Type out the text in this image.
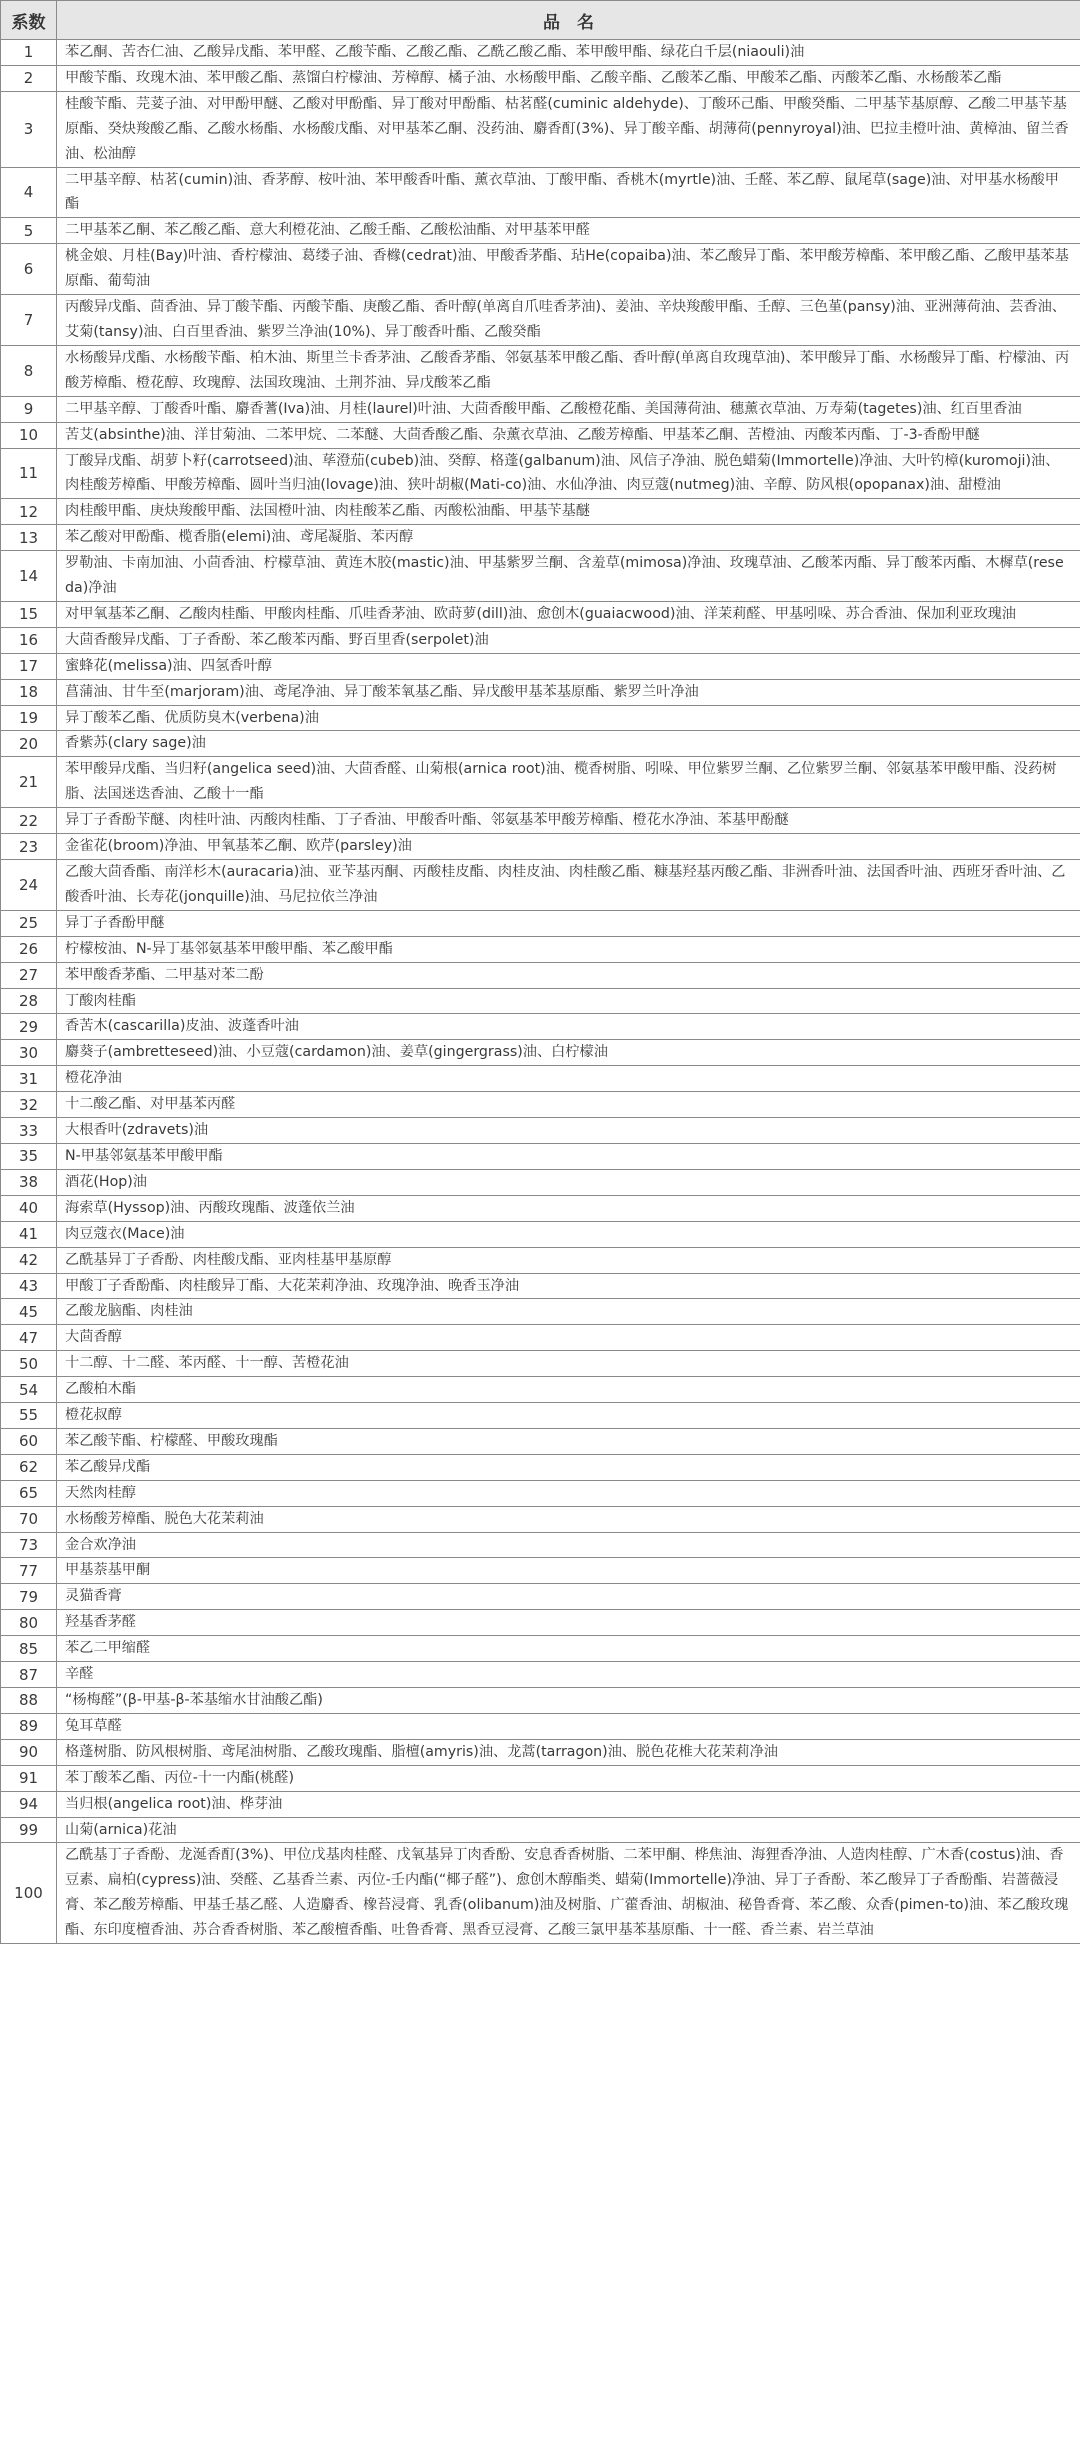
系数	品　名
1	苯乙酮、苦杏仁油、乙酸异戊酯、苯甲醛、乙酸苄酯、乙酸乙酯、乙酰乙酸乙酯、苯甲酸甲酯、绿花白千层(niaouli)油
2	甲酸苄酯、玫瑰木油、苯甲酸乙酯、蒸馏白柠檬油、芳樟醇、橘子油、水杨酸甲酯、乙酸辛酯、乙酸苯乙酯、甲酸苯乙酯、丙酸苯乙酯、水杨酸苯乙酯
3	桂酸苄酯、芫荽子油、对甲酚甲醚、乙酸对甲酚酯、异丁酸对甲酚酯、枯茗醛(cuminic aldehyde)、丁酸环己酯、甲酸癸酯、二甲基苄基原醇、乙酸二甲基苄基原酯、癸炔羧酸乙酯、乙酸水杨酯、水杨酸戊酯、对甲基苯乙酮、没药油、麝香酊(3%)、异丁酸辛酯、胡薄荷(pennyroyal)油、巴拉圭橙叶油、黄樟油、留兰香油、松油醇
4	二甲基辛醇、枯茗(cumin)油、香茅醇、桉叶油、苯甲酸香叶酯、薰衣草油、丁酸甲酯、香桃木(myrtle)油、壬醛、苯乙醇、鼠尾草(sage)油、对甲基水杨酸甲酯
5	二甲基苯乙酮、苯乙酸乙酯、意大利橙花油、乙酸壬酯、乙酸松油酯、对甲基苯甲醛
6	桃金娘、月桂(Bay)叶油、香柠檬油、葛缕子油、香橼(cedrat)油、甲酸香茅酯、玷He(copaiba)油、苯乙酸异丁酯、苯甲酸芳樟酯、苯甲酸乙酯、乙酸甲基苯基原酯、葡萄油
7	丙酸异戊酯、茴香油、异丁酸苄酯、丙酸苄酯、庚酸乙酯、香叶醇(单离自爪哇香茅油)、姜油、辛炔羧酸甲酯、壬醇、三色堇(pansy)油、亚洲薄荷油、芸香油、艾菊(tansy)油、白百里香油、紫罗兰净油(10%)、异丁酸香叶酯、乙酸癸酯
8	水杨酸异戊酯、水杨酸苄酯、柏木油、斯里兰卡香茅油、乙酸香茅酯、邻氨基苯甲酸乙酯、香叶醇(单离自玫瑰草油)、苯甲酸异丁酯、水杨酸异丁酯、柠檬油、丙酸芳樟酯、橙花醇、玫瑰醇、法国玫瑰油、土荆芥油、异戊酸苯乙酯
9	二甲基辛醇、丁酸香叶酯、麝香蓍(Iva)油、月桂(laurel)叶油、大茴香酸甲酯、乙酸橙花酯、美国薄荷油、穗薰衣草油、万寿菊(tagetes)油、红百里香油
10	苦艾(absinthe)油、洋甘菊油、二苯甲烷、二苯醚、大茴香酸乙酯、杂薰衣草油、乙酸芳樟酯、甲基苯乙酮、苦橙油、丙酸苯丙酯、丁-3-香酚甲醚
11	丁酸异戊酯、胡萝卜籽(carrotseed)油、荜澄茄(cubeb)油、癸醇、格蓬(galbanum)油、风信子净油、脱色蜡菊(Immortelle)净油、大叶钓樟(kuromoji)油、肉桂酸芳樟酯、甲酸芳樟酯、圆叶当归油(lovage)油、狭叶胡椒(Mati-co)油、水仙净油、肉豆蔻(nutmeg)油、辛醇、防风根(opopanax)油、甜橙油
12	肉桂酸甲酯、庚炔羧酸甲酯、法国橙叶油、肉桂酸苯乙酯、丙酸松油酯、甲基苄基醚
13	苯乙酸对甲酚酯、榄香脂(elemi)油、鸢尾凝脂、苯丙醇
14	罗勒油、卡南加油、小茴香油、柠檬草油、黄连木胶(mastic)油、甲基紫罗兰酮、含羞草(mimosa)净油、玫瑰草油、乙酸苯丙酯、异丁酸苯丙酯、木樨草(reseda)净油
15	对甲氧基苯乙酮、乙酸肉桂酯、甲酸肉桂酯、爪哇香茅油、欧莳萝(dill)油、愈创木(guaiacwood)油、洋茉莉醛、甲基吲哚、苏合香油、保加利亚玫瑰油
16	大茴香酸异戊酯、丁子香酚、苯乙酸苯丙酯、野百里香(serpolet)油
17	蜜蜂花(melissa)油、四氢香叶醇
18	菖蒲油、甘牛至(marjoram)油、鸢尾净油、异丁酸苯氧基乙酯、异戊酸甲基苯基原酯、紫罗兰叶净油
19	异丁酸苯乙酯、优质防臭木(verbena)油
20	香紫苏(clary sage)油
21	苯甲酸异戊酯、当归籽(angelica seed)油、大茴香醛、山菊根(arnica root)油、榄香树脂、吲哚、甲位紫罗兰酮、乙位紫罗兰酮、邻氨基苯甲酸甲酯、没药树脂、法国迷迭香油、乙酸十一酯
22	异丁子香酚苄醚、肉桂叶油、丙酸肉桂酯、丁子香油、甲酸香叶酯、邻氨基苯甲酸芳樟酯、橙花水净油、苯基甲酚醚
23	金雀花(broom)净油、甲氧基苯乙酮、欧芹(parsley)油
24	乙酸大茴香酯、南洋杉木(auracaria)油、亚苄基丙酮、丙酸桂皮酯、肉桂皮油、肉桂酸乙酯、糠基羟基丙酸乙酯、非洲香叶油、法国香叶油、西班牙香叶油、乙酸香叶油、长寿花(jonquille)油、马尼拉依兰净油
25	异丁子香酚甲醚
26	柠檬桉油、N-异丁基邻氨基苯甲酸甲酯、苯乙酸甲酯
27	苯甲酸香茅酯、二甲基对苯二酚
28	丁酸肉桂酯
29	香苦木(cascarilla)皮油、波蓬香叶油
30	麝葵子(ambretteseed)油、小豆蔻(cardamon)油、姜草(gingergrass)油、白柠檬油
31	橙花净油
32	十二酸乙酯、对甲基苯丙醛
33	大根香叶(zdravets)油
35	N-甲基邻氨基苯甲酸甲酯
38	酒花(Hop)油
40	海索草(Hyssop)油、丙酸玫瑰酯、波蓬依兰油
41	肉豆蔻衣(Mace)油
42	乙酰基异丁子香酚、肉桂酸戊酯、亚肉桂基甲基原醇
43	甲酸丁子香酚酯、肉桂酸异丁酯、大花茉莉净油、玫瑰净油、晚香玉净油
45	乙酸龙脑酯、肉桂油
47	大茴香醇
50	十二醇、十二醛、苯丙醛、十一醇、苦橙花油
54	乙酸柏木酯
55	橙花叔醇
60	苯乙酸苄酯、柠檬醛、甲酸玫瑰酯
62	苯乙酸异戊酯
65	天然肉桂醇
70	水杨酸芳樟酯、脱色大花茉莉油
73	金合欢净油
77	甲基萘基甲酮
79	灵猫香膏
80	羟基香茅醛
85	苯乙二甲缩醛
87	辛醛
88	“杨梅醛”(β-甲基-β-苯基缩水甘油酸乙酯)
89	兔耳草醛
90	格蓬树脂、防风根树脂、鸢尾油树脂、乙酸玫瑰酯、脂檀(amyris)油、龙蒿(tarragon)油、脱色花椎大花茉莉净油
91	苯丁酸苯乙酯、丙位-十一内酯(桃醛)
94	当归根(angelica root)油、桦芽油
99	山菊(arnica)花油
100	乙酰基丁子香酚、龙涎香酊(3%)、甲位戊基肉桂醛、戊氧基异丁肉香酚、安息香香树脂、二苯甲酮、桦焦油、海狸香净油、人造肉桂醇、广木香(costus)油、香豆素、扁柏(cypress)油、癸醛、乙基香兰素、丙位-壬内酯(“椰子醛”)、愈创木醇酯类、蜡菊(Immortelle)净油、异丁子香酚、苯乙酸异丁子香酚酯、岩蔷薇浸膏、苯乙酸芳樟酯、甲基壬基乙醛、人造麝香、橡苔浸膏、乳香(olibanum)油及树脂、广藿香油、胡椒油、秘鲁香膏、苯乙酸、众香(pimen-to)油、苯乙酸玫瑰酯、东印度檀香油、苏合香香树脂、苯乙酸檀香酯、吐鲁香膏、黑香豆浸膏、乙酸三氯甲基苯基原酯、十一醛、香兰素、岩兰草油
